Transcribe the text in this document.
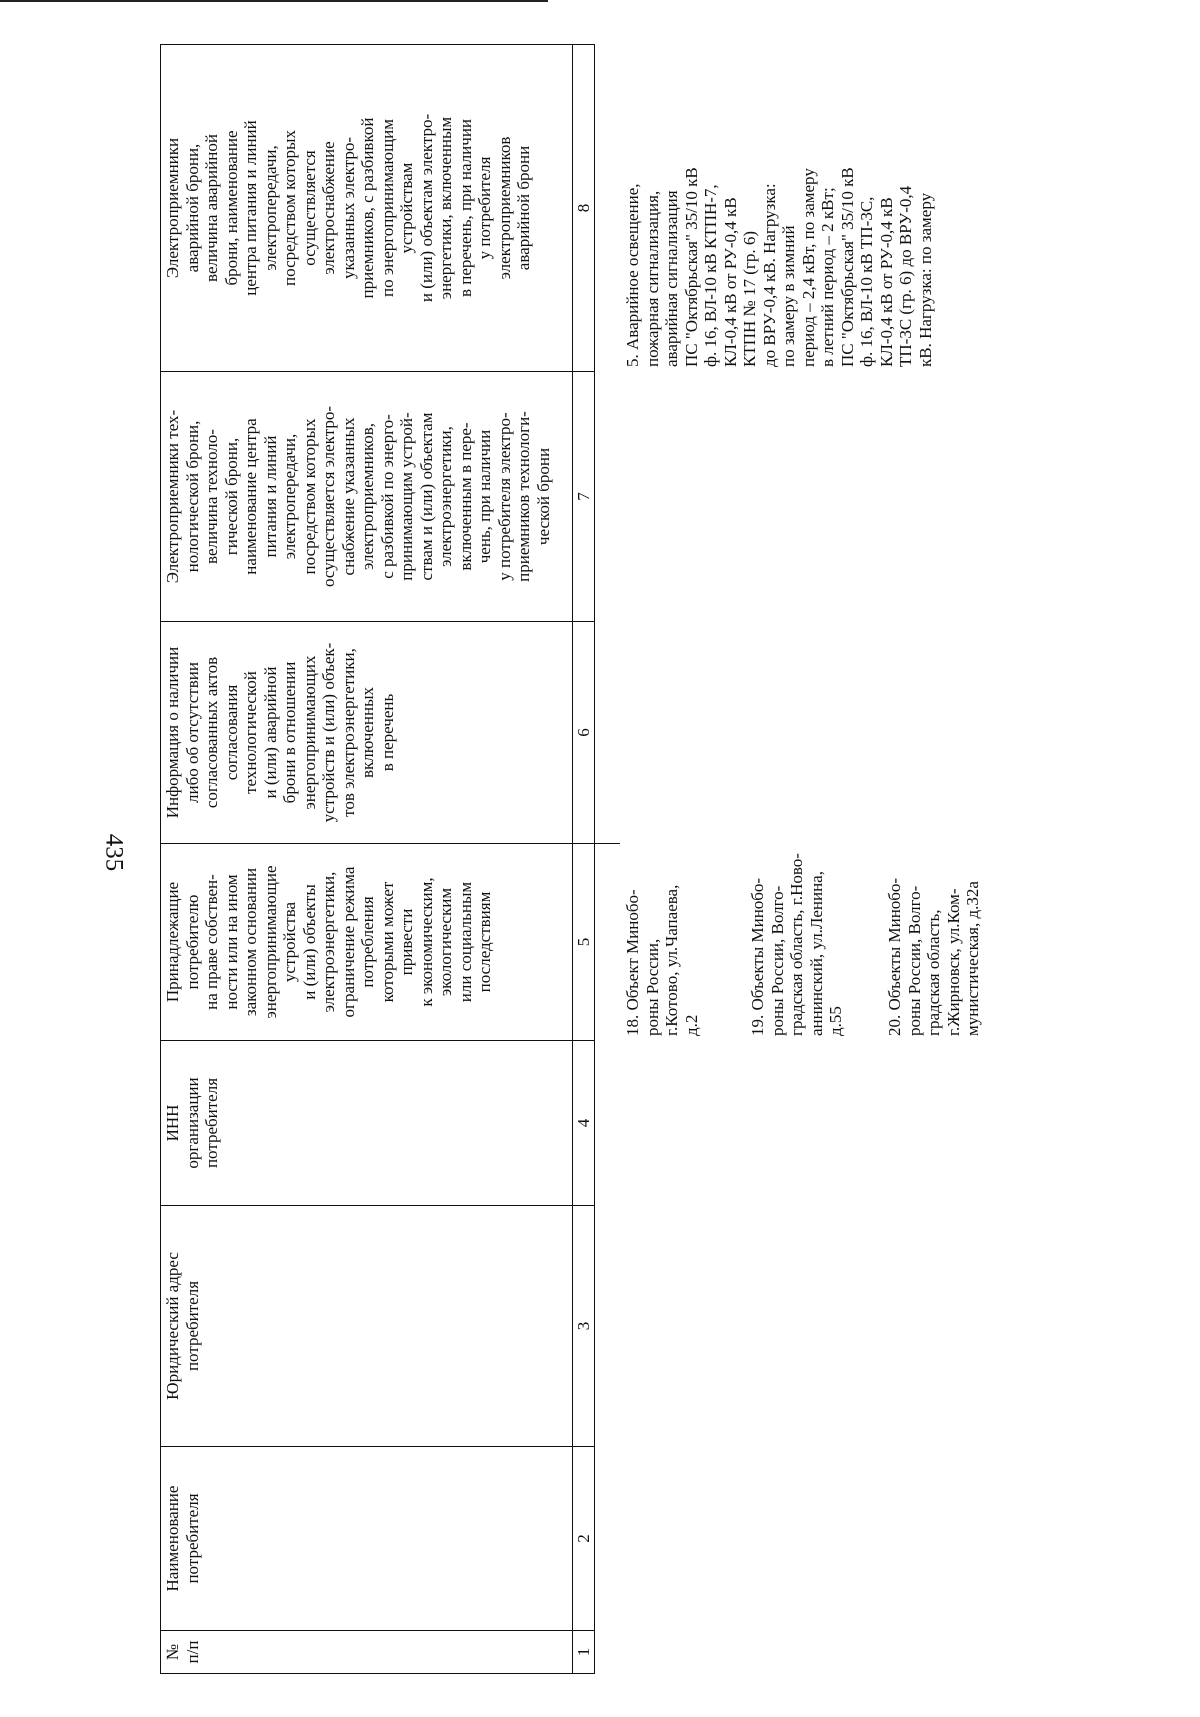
435
№
п/п
Наименование
потребителя
Юридический адрес
потребителя
ИНН
организации
потребителя
Принадлежащие
потребителю
на праве собствен-
ности или на ином
законном основании
энергопринимающие
устройства
и (или) объекты
электроэнергетики,
ограничение режима
потребления
которыми может
привести
к экономическим,
экологическим
или социальным
последствиям
Информация о наличии
либо об отсутствии
согласованных актов
согласования
технологической
и (или) аварийной
брони в отношении
энергопринимающих
устройств и (или) объек-
тов электроэнергетики,
включенных
в перечень
Электроприемники тех-
нологической брони,
величина техноло-
гической брони,
наименование центра
питания и линий
электропередачи,
посредством которых
осуществляется электро-
снабжение указанных
электроприемников,
с разбивкой по энерго-
принимающим устрой-
ствам и (или) объектам
электроэнергетики,
включенным в пере-
чень, при наличии
у потребителя электро-
приемников технологи-
ческой брони
Электроприемники
аварийной брони,
величина аварийной
брони, наименование
центра питания и линий
электропередачи,
посредством которых
осуществляется
электроснабжение
указанных электро-
приемников, с разбивкой
по энергопринимающим
устройствам
и (или) объектам электро-
энергетики, включенным
в перечень, при наличии
у потребителя
электроприемников
аварийной брони
1
2
3
4
5
6
7
8
18. Объект Минобо-
роны России,
г.Котово, ул.Чапаева,
д.2	19. Объекты Минобо-
роны России, Волго-
градская область, г.Ново-
аннинский, ул.Ленина,
д.55	20. Объекты Минобо-
роны России, Волго-
градская область,
г.Жирновск, ул.Ком-
мунистическая, д.32а
5. Аварийное освещение,
пожарная сигнализация,
аварийная сигнализация
ПС "Октябрьская" 35/10 кВ
ф. 16, ВЛ-10 кВ КТПН-7,
КЛ-0,4 кВ от РУ-0,4 кВ
КТПН № 17 (гр. 6)
до ВРУ-0,4 кВ. Нагрузка:
по замеру в зимний
период – 2,4 кВт, по замеру
в летний период – 2 кВт;
ПС "Октябрьская" 35/10 кВ
ф. 16, ВЛ-10 кВ ТП-3С,
КЛ-0,4 кВ от РУ-0,4 кВ
ТП-3С (гр. 6) до ВРУ-0,4
кВ. Нагрузка: по замеру
